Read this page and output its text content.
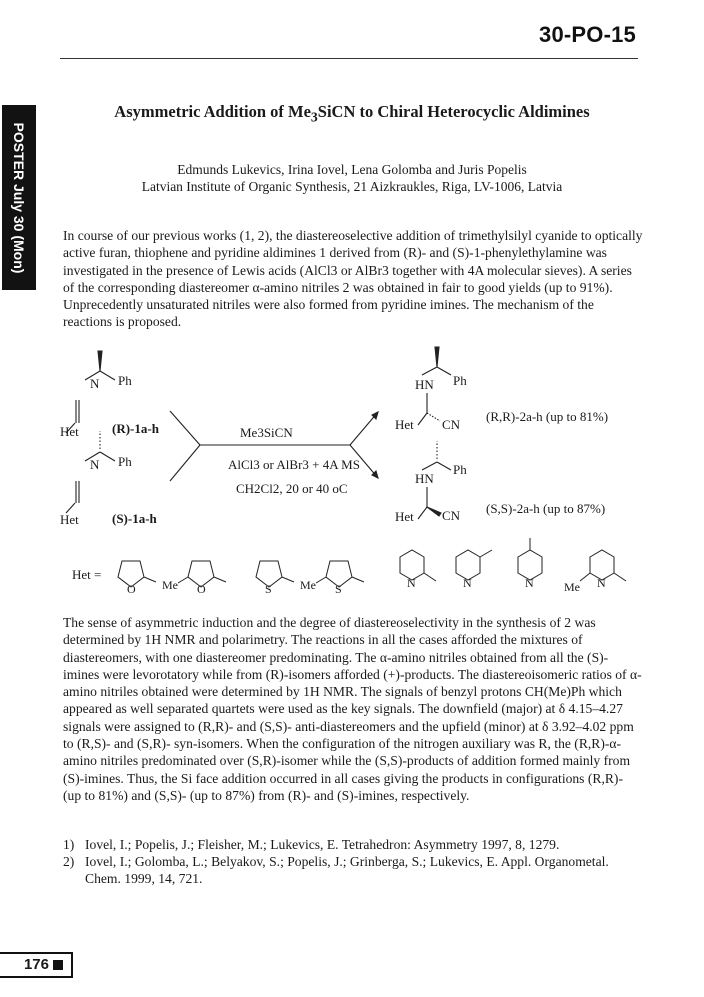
30-PO-15
POSTER July 30 (Mon)
Asymmetric Addition of $Me_3SiCN$ to Chiral Heterocyclic Aldimines
Edmunds Lukevics, Irina Iovel, Lena Golomba and Juris Popelis
Latvian Institute of Organic Synthesis, 21 Aizkraukles, Riga, LV-1006, Latvia
In course of our previous works (1, 2), the diastereoselective addition of trimethylsilyl cyanide to optically active furan, thiophene and pyridine aldimines 1 derived from (R)- and (S)-1-phenylethylamine was investigated in the presence of Lewis acids (AlCl3 or AlBr3 together with 4A molecular sieves). A series of the corresponding diastereomer α-amino nitriles 2 was obtained in fair to good yields (up to 91%). Unprecedently unsaturated nitriles were also formed from pyridine imines. The mechanism of the reactions is proposed.
N Ph
Het	(R)-1a-h
N Ph
Het	(S)-1a-h
Me3SiCN
AlCl3 or AlBr3 + 4A MS
CH2Cl2, 20 or 40 oC
HN Ph
Het CN
(R,R)-2a-h (up to 81%)
HN
Ph
Het CN (S,S)-2a-h (up to 87%)
Het =
O Me O	S Me S	N	N	N	N
Me
The sense of asymmetric induction and the degree of diastereoselectivity in the synthesis of 2 was determined by 1H NMR and polarimetry. The reactions in all the cases afforded the mixtures of diastereomers, with one diastereomer predominating. The α-amino nitriles obtained from all the (S)-imines were levorotatory while from (R)-isomers afforded (+)-products. The diastereoisomeric ratios of α-amino nitriles obtained were determined by 1H NMR. The signals of benzyl protons CH(Me)Ph which appeared as well separated quartets were used as the key signals. The downfield (major) at δ 4.15–4.27 signals were assigned to (R,R)- and (S,S)- anti-diastereomers and the upfield (minor) at δ 3.92–4.02 ppm to (R,S)- and (S,R)- syn-isomers. When the configuration of the nitrogen auxiliary was R, the (R,R)-α-amino nitriles predominated over (S,R)-isomer while the (S,S)-products of addition formed mainly from (S)-imines. Thus, the Si face addition occurred in all cases giving the products in configurations (R,R)- (up to 81%) and (S,S)- (up to 87%) from (R)- and (S)-imines, respectively.
1) Iovel, I.; Popelis, J.; Fleisher, M.; Lukevics, E. Tetrahedron: Asymmetry 1997, 8, 1279.
2) Iovel, I.; Golomba, L.; Belyakov, S.; Popelis, J.; Grinberga, S.; Lukevics, E. Appl. Organometal. Chem. 1999, 14, 721.
176
